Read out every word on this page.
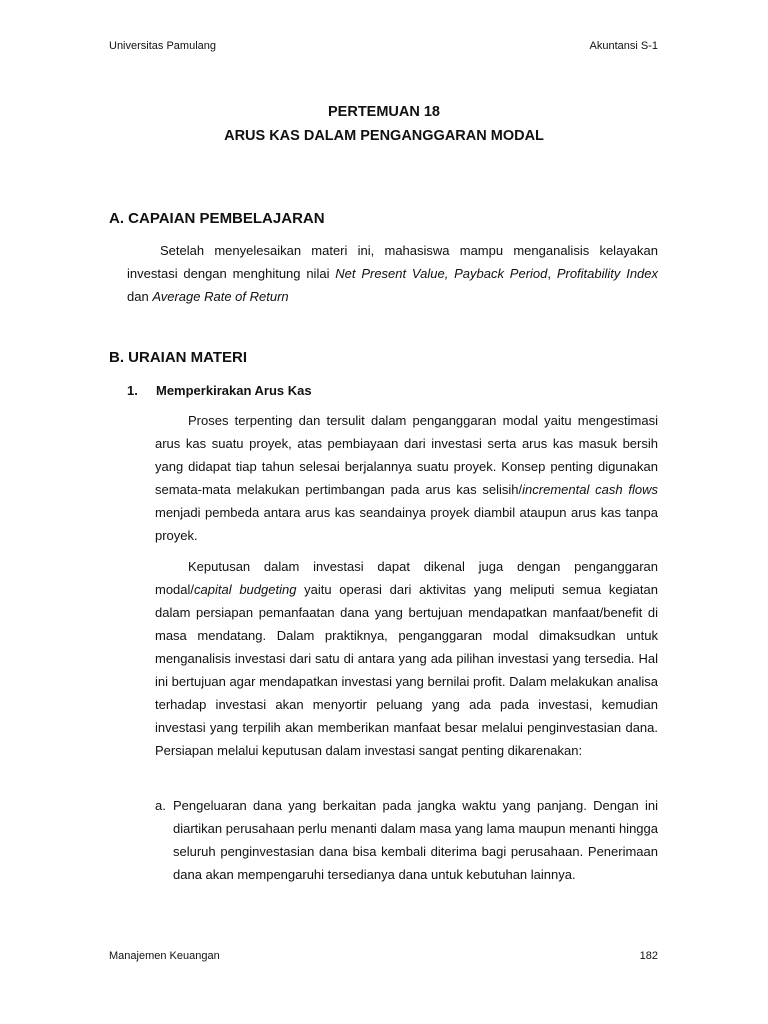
Universitas Pamulang	Akuntansi S-1
PERTEMUAN 18
ARUS KAS DALAM PENGANGGARAN MODAL
A. CAPAIAN PEMBELAJARAN

Setelah menyelesaikan materi ini, mahasiswa mampu menganalisis kelayakan investasi dengan menghitung nilai Net Present Value, Payback Period, Profitability Index dan Average Rate of Return

B. URAIAN MATERI
1. Memperkirakan Arus Kas

Proses terpenting dan tersulit dalam penganggaran modal yaitu mengestimasi arus kas suatu proyek, atas pembiayaan dari investasi serta arus kas masuk bersih yang didapat tiap tahun selesai berjalannya suatu proyek. Konsep penting digunakan semata-mata melakukan pertimbangan pada arus kas selisih/incremental cash flows menjadi pembeda antara arus kas seandainya proyek diambil ataupun arus kas tanpa proyek.

Keputusan dalam investasi dapat dikenal juga dengan penganggaran modal/capital budgeting yaitu operasi dari aktivitas yang meliputi semua kegiatan dalam persiapan pemanfaatan dana yang bertujuan mendapatkan manfaat/benefit di masa mendatang. Dalam praktiknya, penganggaran modal dimaksudkan untuk menganalisis investasi dari satu di antara yang ada pilihan investasi yang tersedia. Hal ini bertujuan agar mendapatkan investasi yang bernilai profit. Dalam melakukan analisa terhadap investasi akan menyortir peluang yang ada pada investasi, kemudian investasi yang terpilih akan memberikan manfaat besar melalui penginvestasian dana. Persiapan melalui keputusan dalam investasi sangat penting dikarenakan:

a. Pengeluaran dana yang berkaitan pada jangka waktu yang panjang. Dengan ini diartikan perusahaan perlu menanti dalam masa yang lama maupun menanti hingga seluruh penginvestasian dana bisa kembali diterima bagi perusahaan. Penerimaan dana akan mempengaruhi tersedianya dana untuk kebutuhan lainnya.
Manajemen Keuangan	182
